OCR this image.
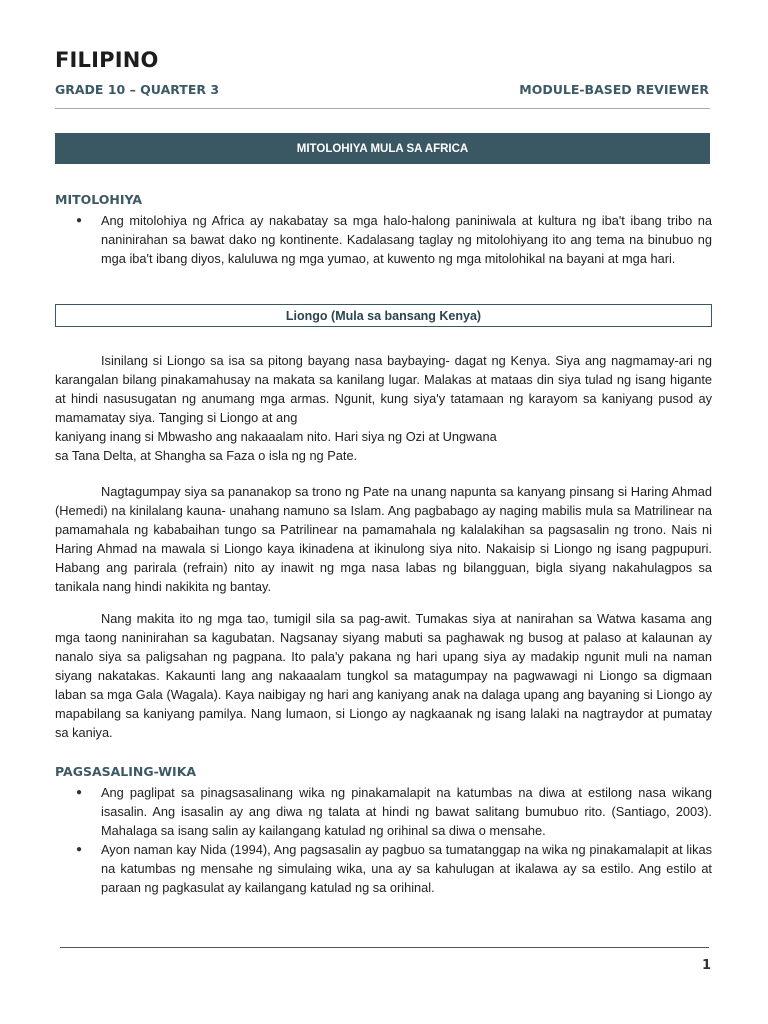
FILIPINO
GRADE 10 – QUARTER 3	MODULE-BASED REVIEWER
MITOLOHIYA MULA SA AFRICA
MITOLOHIYA
● Ang mitolohiya ng Africa ay nakabatay sa mga halo-halong paniniwala at kultura ng iba't ibang tribo na naninirahan sa bawat dako ng kontinente. Kadalasang taglay ng mitolohiyang ito ang tema na binubuo ng mga iba't ibang diyos, kaluluwa ng mga yumao, at kuwento ng mga mitolohikal na bayani at mga hari.
Liongo (Mula sa bansang Kenya)

Isinilang si Liongo sa isa sa pitong bayang nasa baybaying- dagat ng Kenya. Siya ang nagmamay-ari ng karangalan bilang pinakamahusay na makata sa kanilang lugar. Malakas at mataas din siya tulad ng isang higante at hindi nasusugatan ng anumang mga armas. Ngunit, kung siya'y tatamaan ng karayom sa kaniyang pusod ay mamamatay siya. Tanging si Liongo at ang

kaniyang inang si Mbwasho ang nakaaalam nito. Hari siya ng Ozi at Ungwana

sa Tana Delta, at Shangha sa Faza o isla ng ng Pate.

Nagtagumpay siya sa pananakop sa trono ng Pate na unang napunta sa kanyang pinsang si Haring Ahmad (Hemedi) na kinilalang kauna- unahang namuno sa Islam. Ang pagbabago ay naging mabilis mula sa Matrilinear na pamamahala ng kababaihan tungo sa Patrilinear na pamamahala ng kalalakihan sa pagsasalin ng trono. Nais ni Haring Ahmad na mawala si Liongo kaya ikinadena at ikinulong siya nito. Nakaisip si Liongo ng isang pagpupuri. Habang ang parirala (refrain) nito ay inawit ng mga nasa labas ng bilangguan, bigla siyang nakahulagpos sa tanikala nang hindi nakikita ng bantay.

Nang makita ito ng mga tao, tumigil sila sa pag-awit. Tumakas siya at nanirahan sa Watwa kasama ang mga taong naninirahan sa kagubatan. Nagsanay siyang mabuti sa paghawak ng busog at palaso at kalaunan ay nanalo siya sa paligsahan ng pagpana. Ito pala'y pakana ng hari upang siya ay madakip ngunit muli na naman siyang nakatakas. Kakaunti lang ang nakaaalam tungkol sa matagumpay na pagwawagi ni Liongo sa digmaan laban sa mga Gala (Wagala). Kaya naibigay ng hari ang kaniyang anak na dalaga upang ang bayaning si Liongo ay mapabilang sa kaniyang pamilya. Nang lumaon, si Liongo ay nagkaanak ng isang lalaki na nagtraydor at pumatay sa kaniya.

PAGSASALING-WIKA
● Ang paglipat sa pinagsasalinang wika ng pinakamalapit na katumbas na diwa at estilong nasa wikang isasalin. Ang isasalin ay ang diwa ng talata at hindi ng bawat salitang bumubuo rito. (Santiago, 2003). Mahalaga sa isang salin ay kailangang katulad ng orihinal sa diwa o mensahe.
● Ayon naman kay Nida (1994), Ang pagsasalin ay pagbuo sa tumatanggap na wika ng pinakamalapit at likas na katumbas ng mensahe ng simulaing wika, una ay sa kahulugan at ikalawa ay sa estilo. Ang estilo at paraan ng pagkasulat ay kailangang katulad ng sa orihinal.
1
